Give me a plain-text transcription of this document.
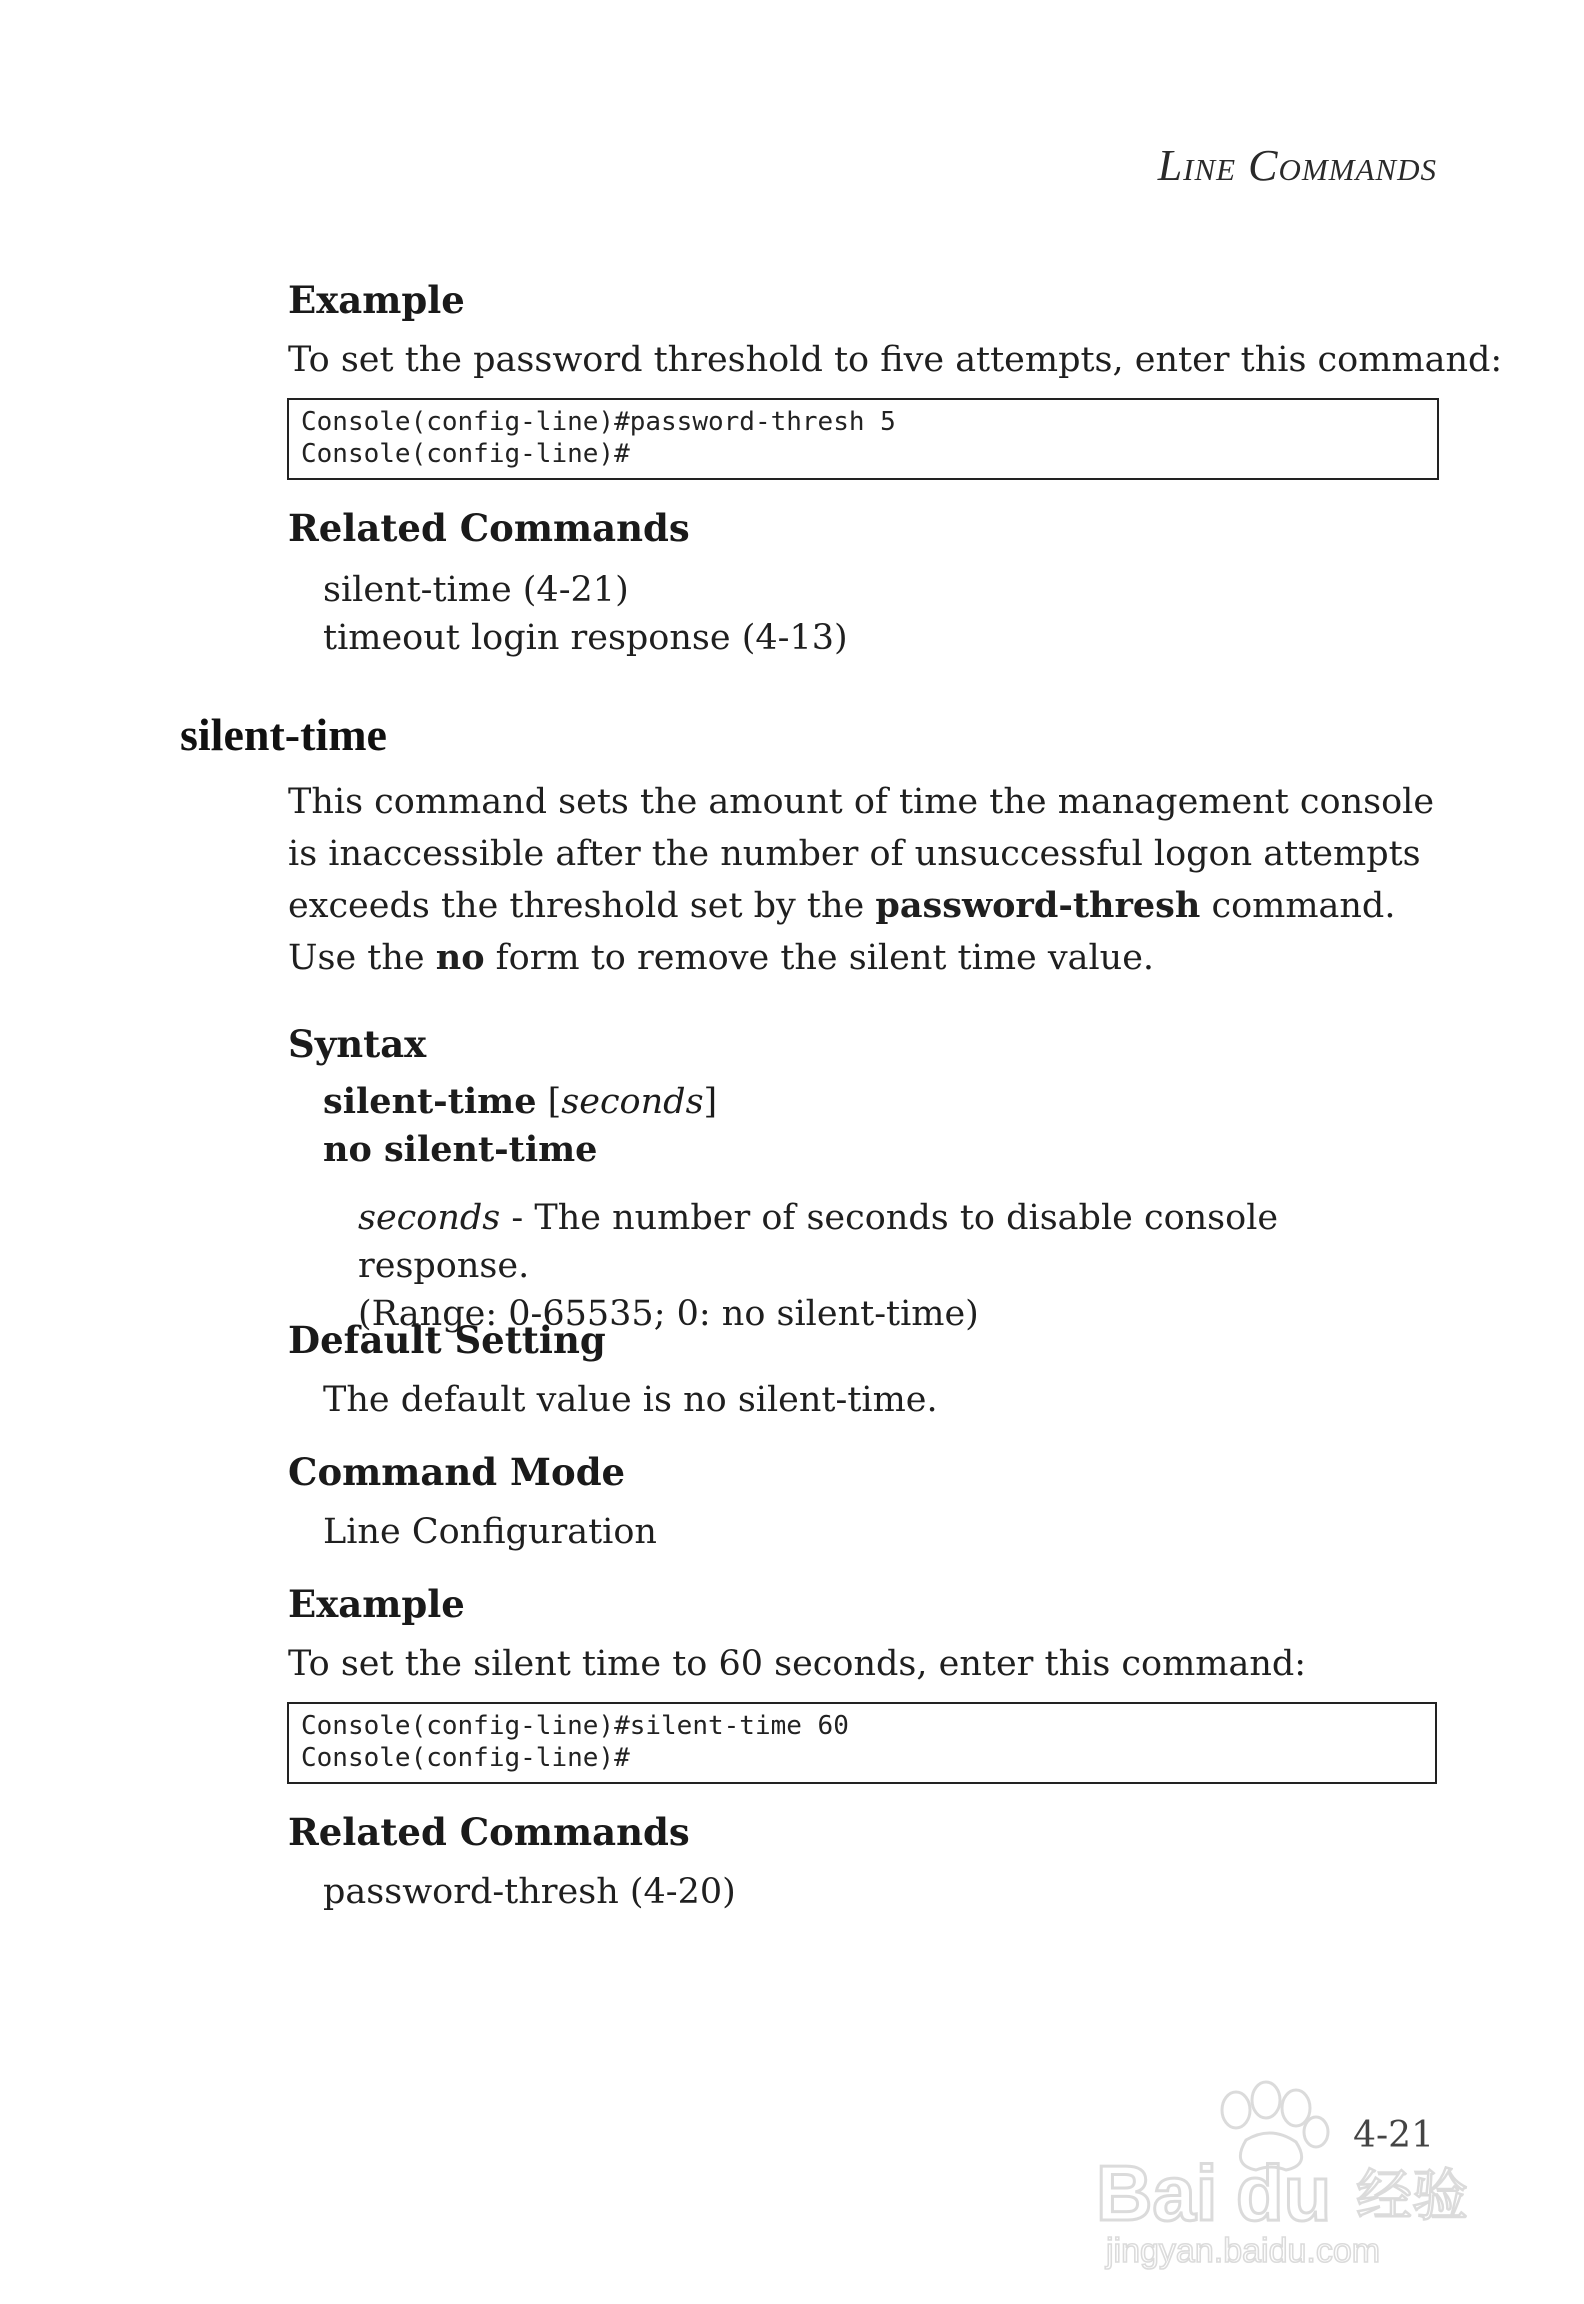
Line Commands
Example
To set the password threshold to five attempts, enter this command:
Console(config-line)#password-thresh 5
Console(config-line)#
Related Commands
silent-time (4-21)
timeout login response (4-13)
silent-time
This command sets the amount of time the management console is inaccessible after the number of unsuccessful logon attempts exceeds the threshold set by the password-thresh command. Use the no form to remove the silent time value.
Syntax
silent-time [seconds]
no silent-time
seconds - The number of seconds to disable console response.
(Range: 0-65535; 0: no silent-time)
Default Setting
The default value is no silent-time.
Command Mode
Line Configuration
Example
To set the silent time to 60 seconds, enter this command:
Console(config-line)#silent-time 60
Console(config-line)#
Related Commands
password-thresh (4-20)
4-21
Bai du 经验
jingyan.baidu.com
